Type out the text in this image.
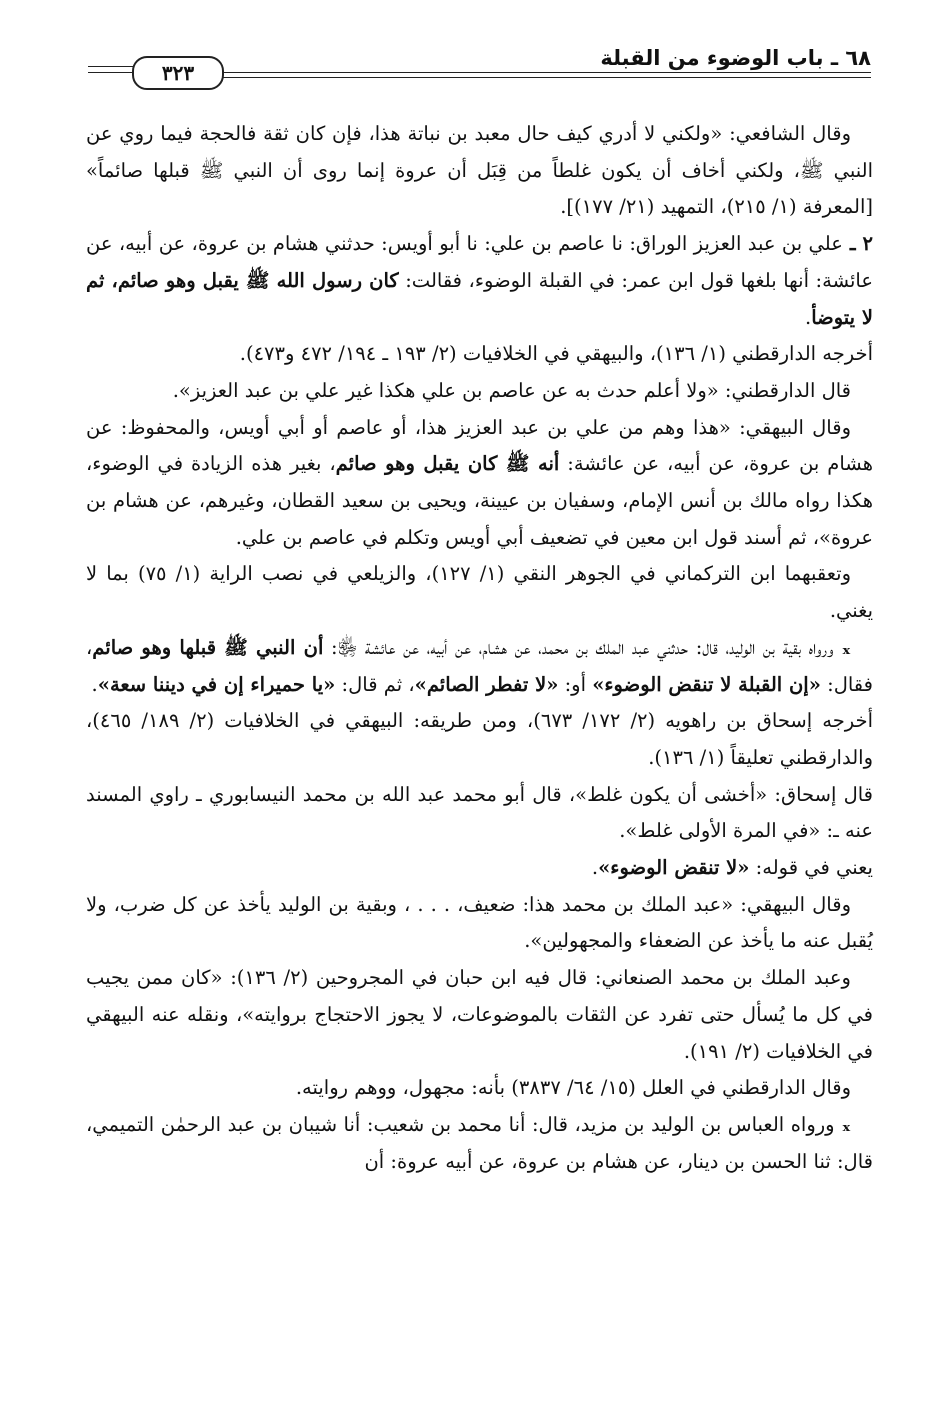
٦٨ ـ باب الوضوء من القبلة
٣٢٣

وقال الشافعي: «ولكني لا أدري كيف حال معبد بن نباتة هذا، فإن كان ثقة فالحجة فيما روي عن النبي ﷺ، ولكني أخاف أن يكون غلطاً من قِبَل أن عروة إنما روى أن النبي ﷺ قبلها صائماً» [المعرفة (١/ ٢١٥)، التمهيد (٢١/ ١٧٧)].

٢ ـ علي بن عبد العزيز الوراق: نا عاصم بن علي: نا أبو أويس: حدثني هشام بن عروة، عن أبيه، عن عائشة: أنها بلغها قول ابن عمر: في القبلة الوضوء، فقالت: كان رسول الله ﷺ يقبل وهو صائم، ثم لا يتوضأ.

أخرجه الدارقطني (١/ ١٣٦)، والبيهقي في الخلافيات (٢/ ١٩٣ ـ ١٩٤/ ٤٧٢ و٤٧٣).

قال الدارقطني: «ولا أعلم حدث به عن عاصم بن علي هكذا غير علي بن عبد العزيز».

وقال البيهقي: «هذا وهم من علي بن عبد العزيز هذا، أو عاصم أو أبي أويس، والمحفوظ: عن هشام بن عروة، عن أبيه، عن عائشة: أنه ﷺ كان يقبل وهو صائم، بغير هذه الزيادة في الوضوء، هكذا رواه مالك بن أنس الإمام، وسفيان بن عيينة، ويحيى بن سعيد القطان، وغيرهم، عن هشام بن عروة»، ثم أسند قول ابن معين في تضعيف أبي أويس وتكلم في عاصم بن علي.

وتعقبهما ابن التركماني في الجوهر النقي (١/ ١٢٧)، والزيلعي في نصب الراية (١/ ٧٥) بما لا يغني.

ₓ ورواه بقية بن الوليد، قال: حدثني عبد الملك بن محمد، عن هشام، عن أبيه، عن عائشة ﵂: أن النبي ﷺ قبلها وهو صائم، فقال: «إن القبلة لا تنقض الوضوء» أو: «لا تفطر الصائم»، ثم قال: «يا حميراء إن في ديننا سعة».

أخرجه إسحاق بن راهويه (٢/ ١٧٢/ ٦٧٣)، ومن طريقه: البيهقي في الخلافيات (٢/ ١٨٩/ ٤٦٥)، والدارقطني تعليقاً (١/ ١٣٦).

قال إسحاق: «أخشى أن يكون غلط»، قال أبو محمد عبد الله بن محمد النيسابوري ـ راوي المسند عنه ـ: «في المرة الأولى غلط».

يعني في قوله: «لا تنقض الوضوء».

وقال البيهقي: «عبد الملك بن محمد هذا: ضعيف، . . . ، وبقية بن الوليد يأخذ عن كل ضرب، ولا يُقبل عنه ما يأخذ عن الضعفاء والمجهولين».

وعبد الملك بن محمد الصنعاني: قال فيه ابن حبان في المجروحين (٢/ ١٣٦): «كان ممن يجيب في كل ما يُسأل حتى تفرد عن الثقات بالموضوعات، لا يجوز الاحتجاج بروايته»، ونقله عنه البيهقي في الخلافيات (٢/ ١٩١).

وقال الدارقطني في العلل (١٥/ ٦٤/ ٣٨٣٧) بأنه: مجهول، ووهم روايته.

ₓ ورواه العباس بن الوليد بن مزيد، قال: أنا محمد بن شعيب: أنا شيبان بن عبد الرحمٰن التميمي، قال: ثنا الحسن بن دينار، عن هشام بن عروة، عن أبيه عروة: أن
